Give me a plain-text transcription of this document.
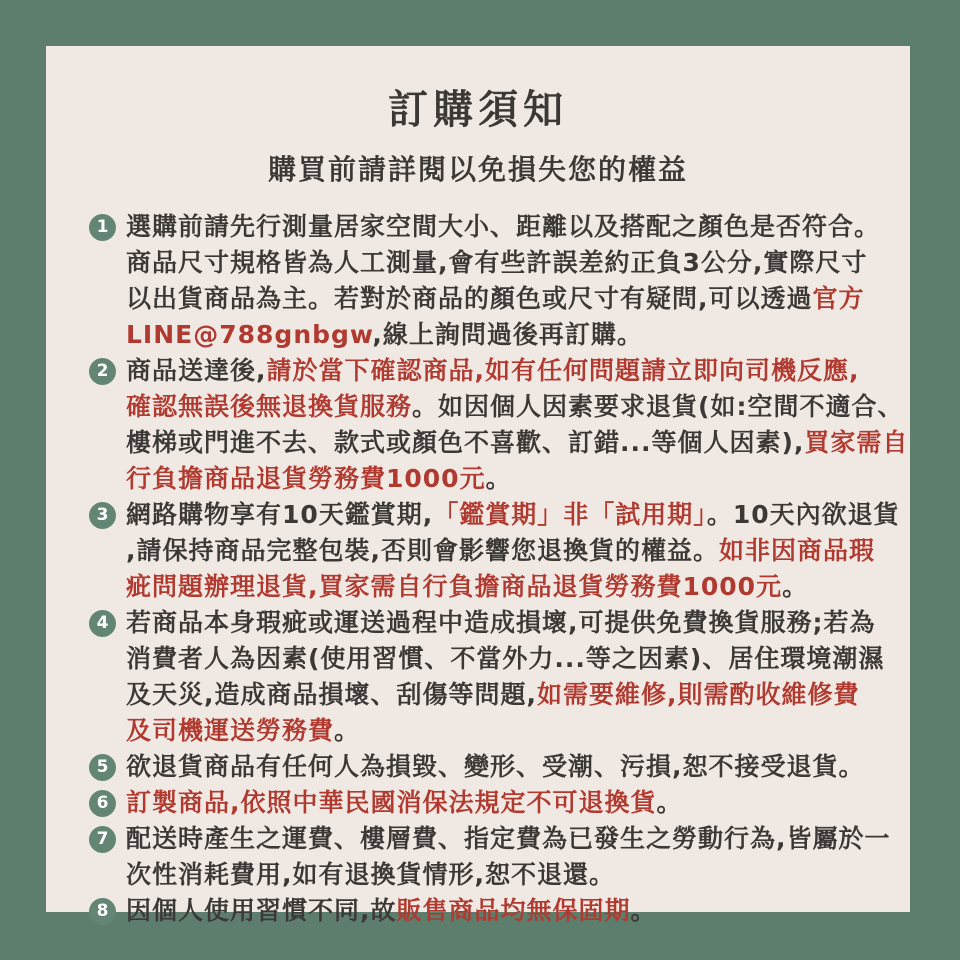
訂購須知
購買前請詳閱以免損失您的權益
1 選購前請先行測量居家空間大小、距離以及搭配之顏色是否符合。
商品尺寸規格皆為人工測量,會有些許誤差約正負3公分,實際尺寸
以出貨商品為主。若對於商品的顏色或尺寸有疑問,可以透過官方
LINE@788gnbgw,線上詢問過後再訂購。
2 商品送達後,請於當下確認商品,如有任何問題請立即向司機反應,
確認無誤後無退換貨服務。如因個人因素要求退貨(如:空間不適合、
樓梯或門進不去、款式或顏色不喜歡、訂錯...等個人因素),買家需自
行負擔商品退貨勞務費1000元。
3 網路購物享有10天鑑賞期,「鑑賞期」非「試用期」。10天內欲退貨
,請保持商品完整包裝,否則會影響您退換貨的權益。如非因商品瑕
疵問題辦理退貨,買家需自行負擔商品退貨勞務費1000元。
4 若商品本身瑕疵或運送過程中造成損壞,可提供免費換貨服務;若為
消費者人為因素(使用習慣、不當外力...等之因素)、居住環境潮濕
及天災,造成商品損壞、刮傷等問題,如需要維修,則需酌收維修費
及司機運送勞務費。
5 欲退貨商品有任何人為損毀、變形、受潮、污損,恕不接受退貨。
6 訂製商品,依照中華民國消保法規定不可退換貨。
7 配送時產生之運費、樓層費、指定費為已發生之勞動行為,皆屬於一
次性消耗費用,如有退換貨情形,恕不退還。
8 因個人使用習慣不同,故販售商品均無保固期。
